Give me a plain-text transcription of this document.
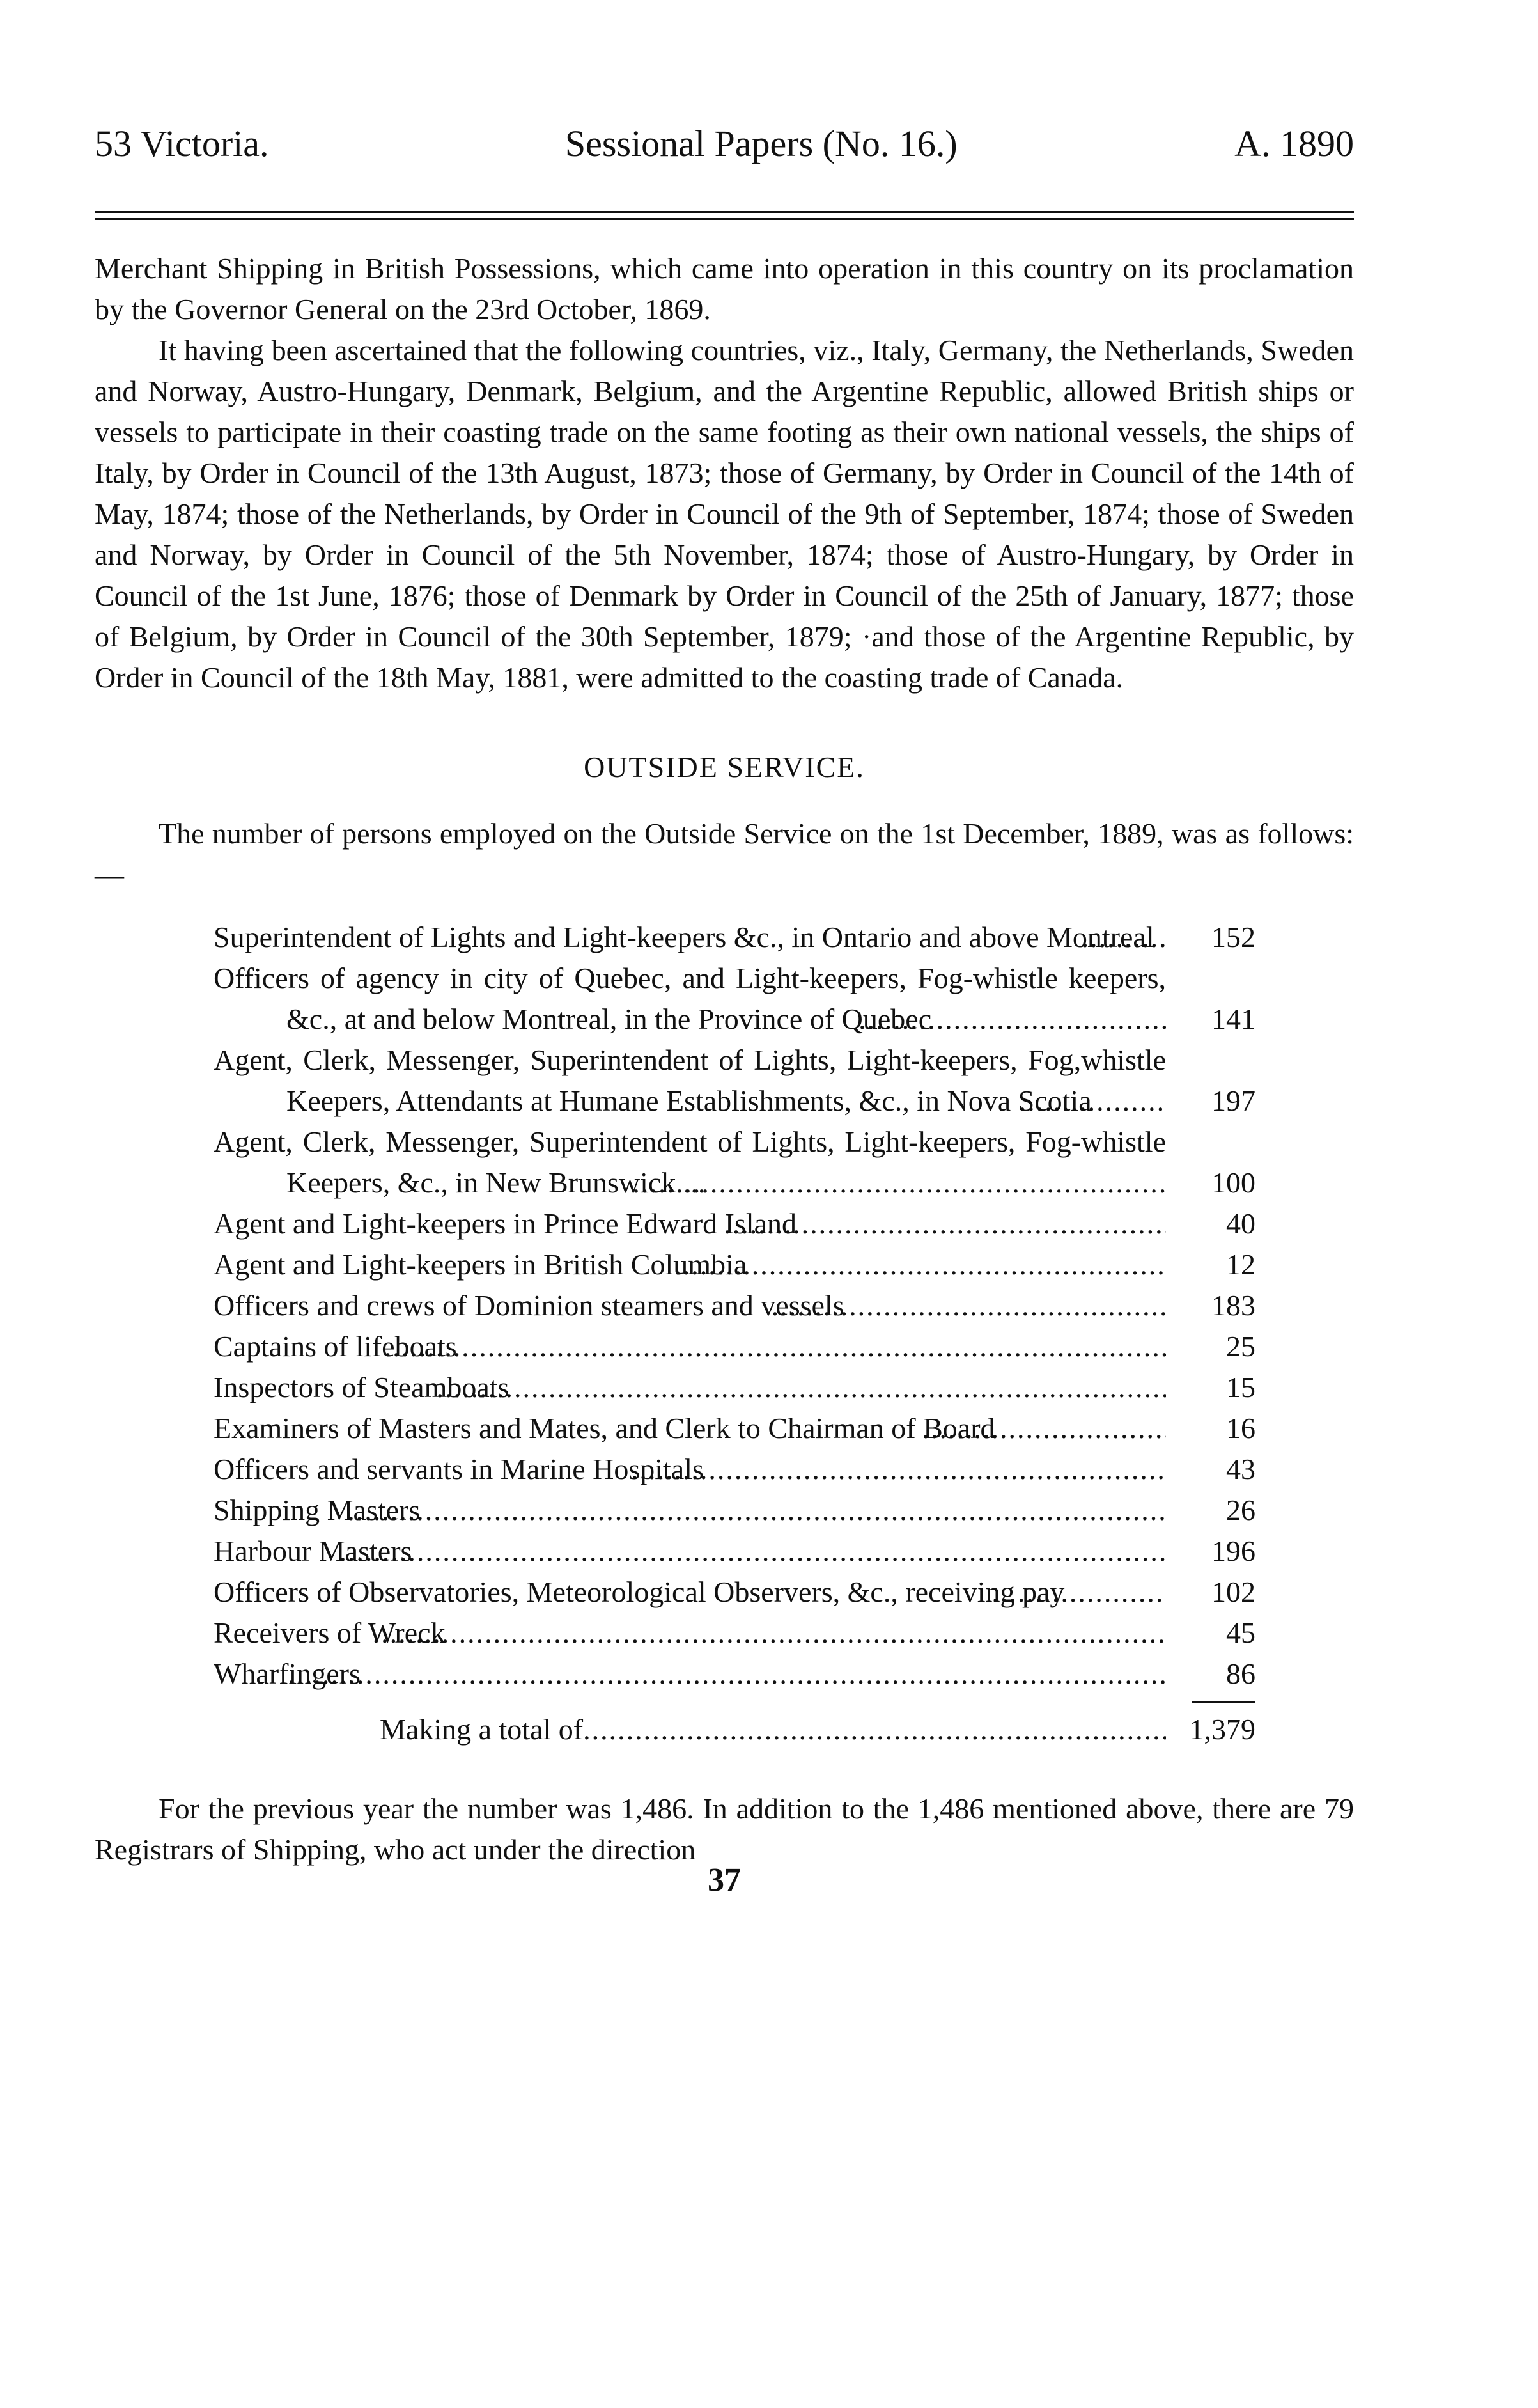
53 Victoria.	Sessional Papers (No. 16.)	A. 1890

Merchant Shipping in British Possessions, which came into operation in this country on its proclamation by the Governor General on the 23rd October, 1869.

It having been ascertained that the following countries, viz., Italy, Germany, the Netherlands, Sweden and Norway, Austro-Hungary, Denmark, Belgium, and the Argentine Republic, allowed British ships or vessels to participate in their coasting trade on the same footing as their own national vessels, the ships of Italy, by Order in Council of the 13th August, 1873; those of Germany, by Order in Council of the 14th of May, 1874; those of the Netherlands, by Order in Council of the 9th of September, 1874; those of Sweden and Norway, by Order in Council of the 5th November, 1874; those of Austro-Hungary, by Order in Council of the 1st June, 1876; those of Denmark by Order in Council of the 25th of January, 1877; those of Belgium, by Order in Council of the 30th September, 1879; ·and those of the Argentine Republic, by Order in Council of the 18th May, 1881, were admitted to the coasting trade of Canada.

OUTSIDE SERVICE.

The number of persons employed on the Outside Service on the 1st December, 1889, was as follows:—

Superintendent of Lights and Light-keepers &c., in Ontario and above Montreal .....	152
Officers of agency in city of Quebec, and Light-keepers, Fog-whistle keepers, &c., at and below Montreal, in the Province of Quebec .....	141
Agent, Clerk, Messenger, Superintendent of Lights, Light-keepers, Fog,whistle Keepers, Attendants at Humane Establishments, &c., in Nova Scotia .....	197
Agent, Clerk, Messenger, Superintendent of Lights, Light-keepers, Fog-whistle Keepers, &c., in New Brunswick.... .....	100
Agent and Light-keepers in Prince Edward Island .....	40
Agent and Light-keepers in British Columbia .....	12
Officers and crews of Dominion steamers and vessels .....	183
Captains of lifeboats .....	25
Inspectors of Steamboats .....	15
Examiners of Masters and Mates, and Clerk to Chairman of Board .....	16
Officers and servants in Marine Hospitals .....	43
Shipping Masters .....	26
Harbour Masters .....	196
Officers of Observatories, Meteorological Observers, &c., receiving pay .....	102
Receivers of Wreck .....	45
Wharfingers .....	86
Making a total of .....	1,379

For the previous year the number was 1,486. In addition to the 1,486 mentioned above, there are 79 Registrars of Shipping, who act under the direction

37
